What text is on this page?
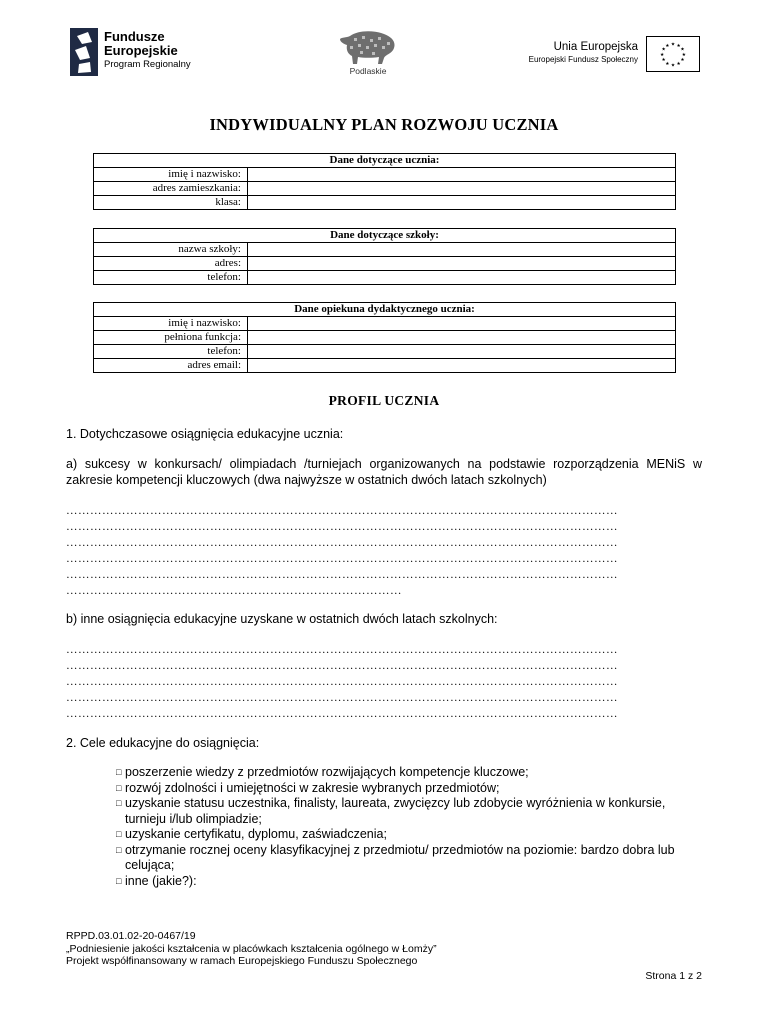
Fundusze
Europejskie
Program Regionalny
Podlaskie
Unia Europejska
Europejski Fundusz Społeczny
★ ★
★
★
★
★
★
★
★
★
★
★
INDYWIDUALNY PLAN ROZWOJU UCZNIA
Dane dotyczące ucznia:	
imię i nazwisko:	
adres zamieszkania:	
klasa:	
Dane dotyczące szkoły:	
nazwa szkoły:	
adres:	
telefon:	
Dane opiekuna dydaktycznego ucznia:	
imię i nazwisko:	
pełniona funkcja:	
telefon:	
adres email:	
PROFIL UCZNIA
1. Dotychczasowe osiągnięcia edukacyjne ucznia:
a) sukcesy w konkursach/ olimpiadach /turniejach organizowanych na podstawie rozporządzenia MENiS w zakresie kompetencji kluczowych (dwa najwyższe w ostatnich dwóch latach szkolnych)
…………………………………………………………………………………………………………………………
…………………………………………………………………………………………………………………………
…………………………………………………………………………………………………………………………
…………………………………………………………………………………………………………………………
…………………………………………………………………………………………………………………………
…………………………………………………………………………
b) inne osiągnięcia edukacyjne uzyskane w ostatnich dwóch latach szkolnych:
…………………………………………………………………………………………………………………………
…………………………………………………………………………………………………………………………
…………………………………………………………………………………………………………………………
…………………………………………………………………………………………………………………………
…………………………………………………………………………………………………………………………
2. Cele edukacyjne do osiągnięcia:
□ poszerzenie wiedzy z przedmiotów rozwijających kompetencje kluczowe;
□ rozwój zdolności i umiejętności w zakresie wybranych przedmiotów;
□ uzyskanie statusu uczestnika, finalisty, laureata, zwycięzcy lub zdobycie wyróżnienia w konkursie, turnieju i/lub olimpiadzie;
□ uzyskanie certyfikatu, dyplomu, zaświadczenia;
□ otrzymanie rocznej oceny klasyfikacyjnej z przedmiotu/ przedmiotów na poziomie: bardzo dobra lub celująca;
□ inne (jakie?):
RPPD.03.01.02-20-0467/19
„Podniesienie jakości kształcenia w placówkach kształcenia ogólnego w Łomży”
Projekt współfinansowany w ramach Europejskiego Funduszu Społecznego
Strona 1 z 2
